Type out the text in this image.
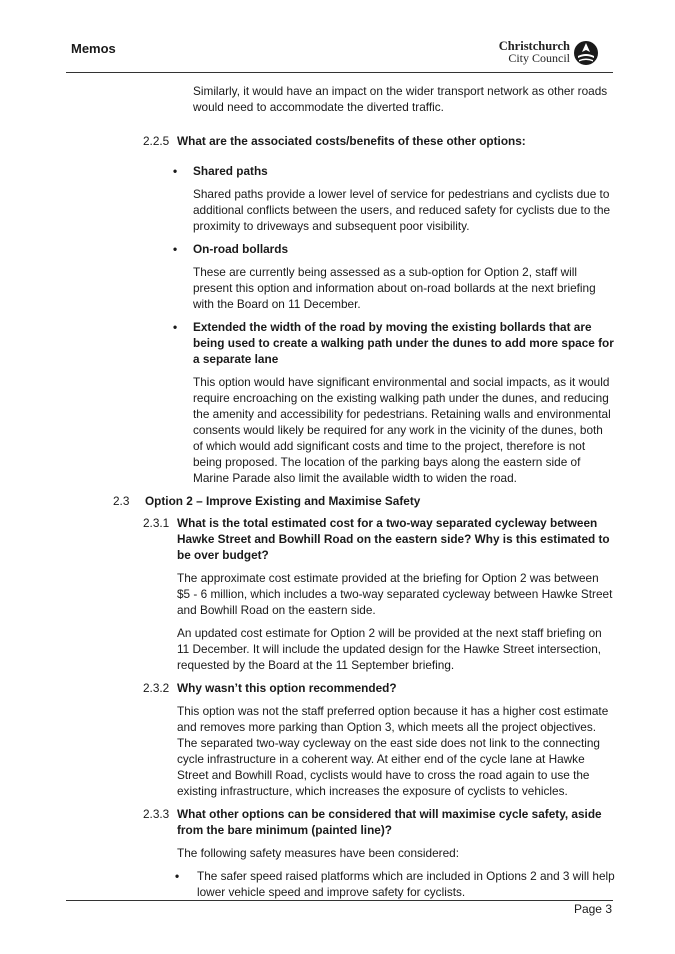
Memos	Christchurch
City Council

Similarly, it would have an impact on the wider transport network as other roads would need to accommodate the diverted traffic.

2.2.5 What are the associated costs/benefits of these other options:
• Shared paths

Shared paths provide a lower level of service for pedestrians and cyclists due to additional conflicts between the users, and reduced safety for cyclists due to the proximity to driveways and subsequent poor visibility.

• On-road bollards

These are currently being assessed as a sub-option for Option 2, staff will present this option and information about on-road bollards at the next briefing with the Board on 11 December.

• Extended the width of the road by moving the existing bollards that are being used to create a walking path under the dunes to add more space for a separate lane

This option would have significant environmental and social impacts, as it would require encroaching on the existing walking path under the dunes, and reducing the amenity and accessibility for pedestrians. Retaining walls and environmental consents would likely be required for any work in the vicinity of the dunes, both of which would add significant costs and time to the project, therefore is not being proposed. The location of the parking bays along the eastern side of Marine Parade also limit the available width to widen the road.

2.3 Option 2 – Improve Existing and Maximise Safety
2.3.1 What is the total estimated cost for a two-way separated cycleway between Hawke Street and Bowhill Road on the eastern side? Why is this estimated to be over budget?

The approximate cost estimate provided at the briefing for Option 2 was between $5 - 6 million, which includes a two-way separated cycleway between Hawke Street and Bowhill Road on the eastern side.

An updated cost estimate for Option 2 will be provided at the next staff briefing on 11 December. It will include the updated design for the Hawke Street intersection, requested by the Board at the 11 September briefing.

2.3.2 Why wasn’t this option recommended?

This option was not the staff preferred option because it has a higher cost estimate and removes more parking than Option 3, which meets all the project objectives. The separated two-way cycleway on the east side does not link to the connecting cycle infrastructure in a coherent way. At either end of the cycle lane at Hawke Street and Bowhill Road, cyclists would have to cross the road again to use the existing infrastructure, which increases the exposure of cyclists to vehicles.

2.3.3 What other options can be considered that will maximise cycle safety, aside from the bare minimum (painted line)?

The following safety measures have been considered:

• The safer speed raised platforms which are included in Options 2 and 3 will help lower vehicle speed and improve safety for cyclists.
Page 3
